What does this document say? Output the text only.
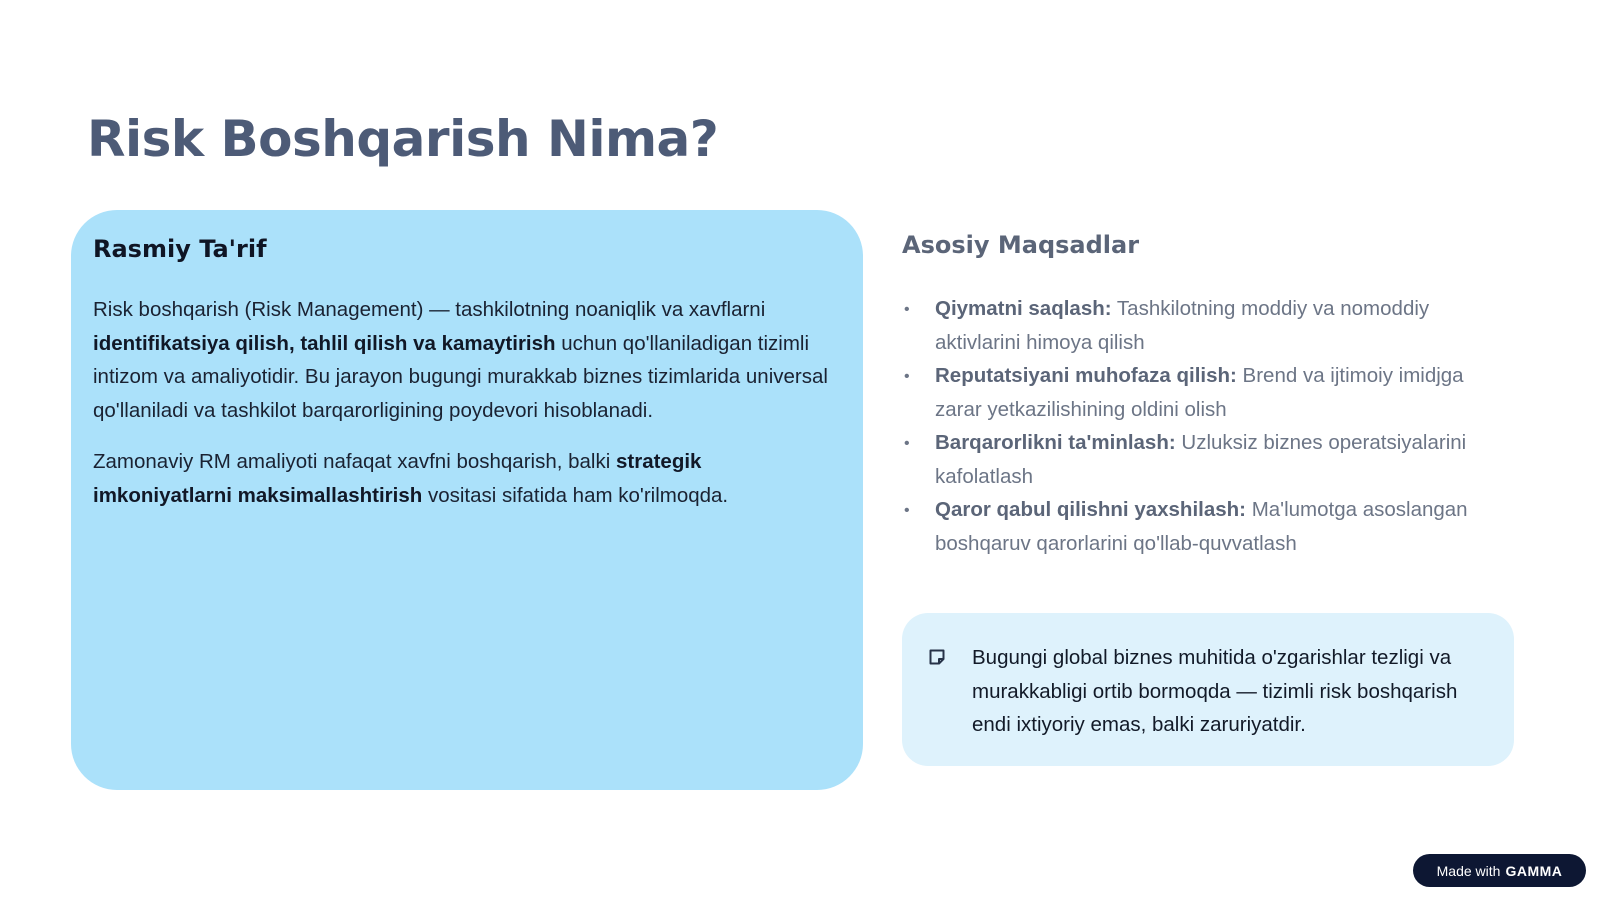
Risk Boshqarish Nima?
Rasmiy Ta'rif

Risk boshqarish (Risk Management) — tashkilotning noaniqlik va xavflarni identifikatsiya qilish, tahlil qilish va kamaytirish uchun qo'llaniladigan tizimli intizom va amaliyotidir. Bu jarayon bugungi murakkab biznes tizimlarida universal qo'llaniladi va tashkilot barqarorligining poydevori hisoblanadi.

Zamonaviy RM amaliyoti nafaqat xavfni boshqarish, balki strategik imkoniyatlarni maksimallashtirish vositasi sifatida ham ko'rilmoqda.

Asosiy Maqsadlar
• Qiymatni saqlash: Tashkilotning moddiy va nomoddiy aktivlarini himoya qilish
• Reputatsiyani muhofaza qilish: Brend va ijtimoiy imidjga zarar yetkazilishining oldini olish
• Barqarorlikni ta'minlash: Uzluksiz biznes operatsiyalarini kafolatlash
• Qaror qabul qilishni yaxshilash: Ma'lumotga asoslangan boshqaruv qarorlarini qo'llab-quvvatlash
Bugungi global biznes muhitida o'zgarishlar tezligi va murakkabligi ortib bormoqda — tizimli risk boshqarish endi ixtiyoriy emas, balki zaruriyatdir.
Made with GAMMA
